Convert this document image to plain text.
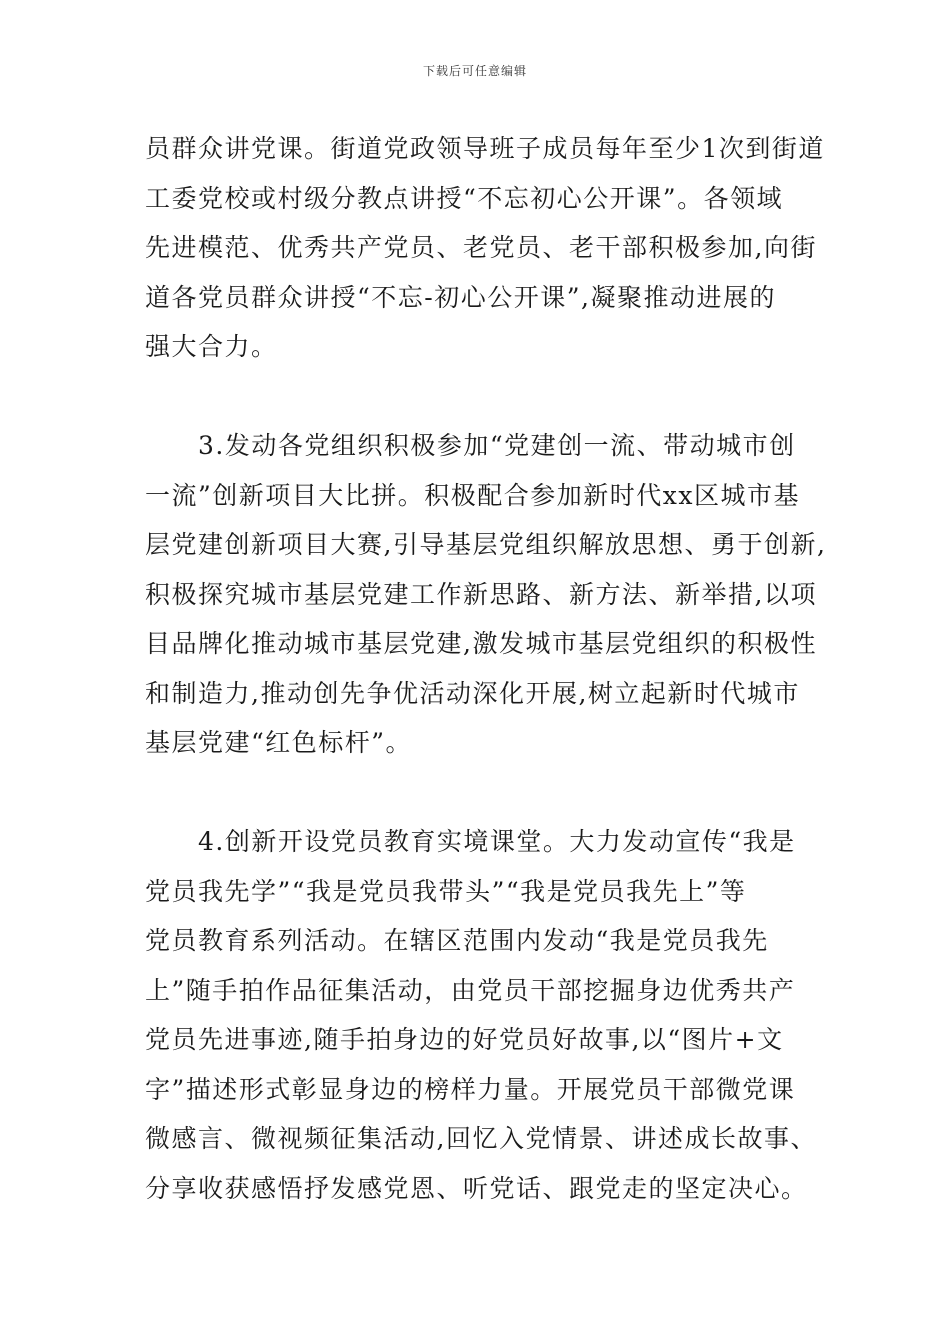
下载后可任意编辑

员群众讲党课。街道党政领导班子成员每年至少1次到街道
工委党校或村级分教点讲授“不忘初心公开课”。各领域
先进模范、优秀共产党员、老党员、老干部积极参加,向街
道各党员群众讲授“不忘-初心公开课”,凝聚推动进展的
强大合力。

　　3.发动各党组织积极参加“党建创一流、带动城市创
一流”创新项目大比拼。积极配合参加新时代xx区城市基
层党建创新项目大赛,引导基层党组织解放思想、勇于创新,
积极探究城市基层党建工作新思路、新方法、新举措,以项
目品牌化推动城市基层党建,激发城市基层党组织的积极性
和制造力,推动创先争优活动深化开展,树立起新时代城市
基层党建“红色标杆”。

　　4.创新开设党员教育实境课堂。大力发动宣传“我是
党员我先学”“我是党员我带头”“我是党员我先上”等
党员教育系列活动。在辖区范围内发动“我是党员我先
上”随手拍作品征集活动，由党员干部挖掘身边优秀共产
党员先进事迹,随手拍身边的好党员好故事,以“图片+文
字”描述形式彰显身边的榜样力量。开展党员干部微党课
微感言、微视频征集活动,回忆入党情景、讲述成长故事、
分享收获感悟抒发感党恩、听党话、跟党走的坚定决心。
